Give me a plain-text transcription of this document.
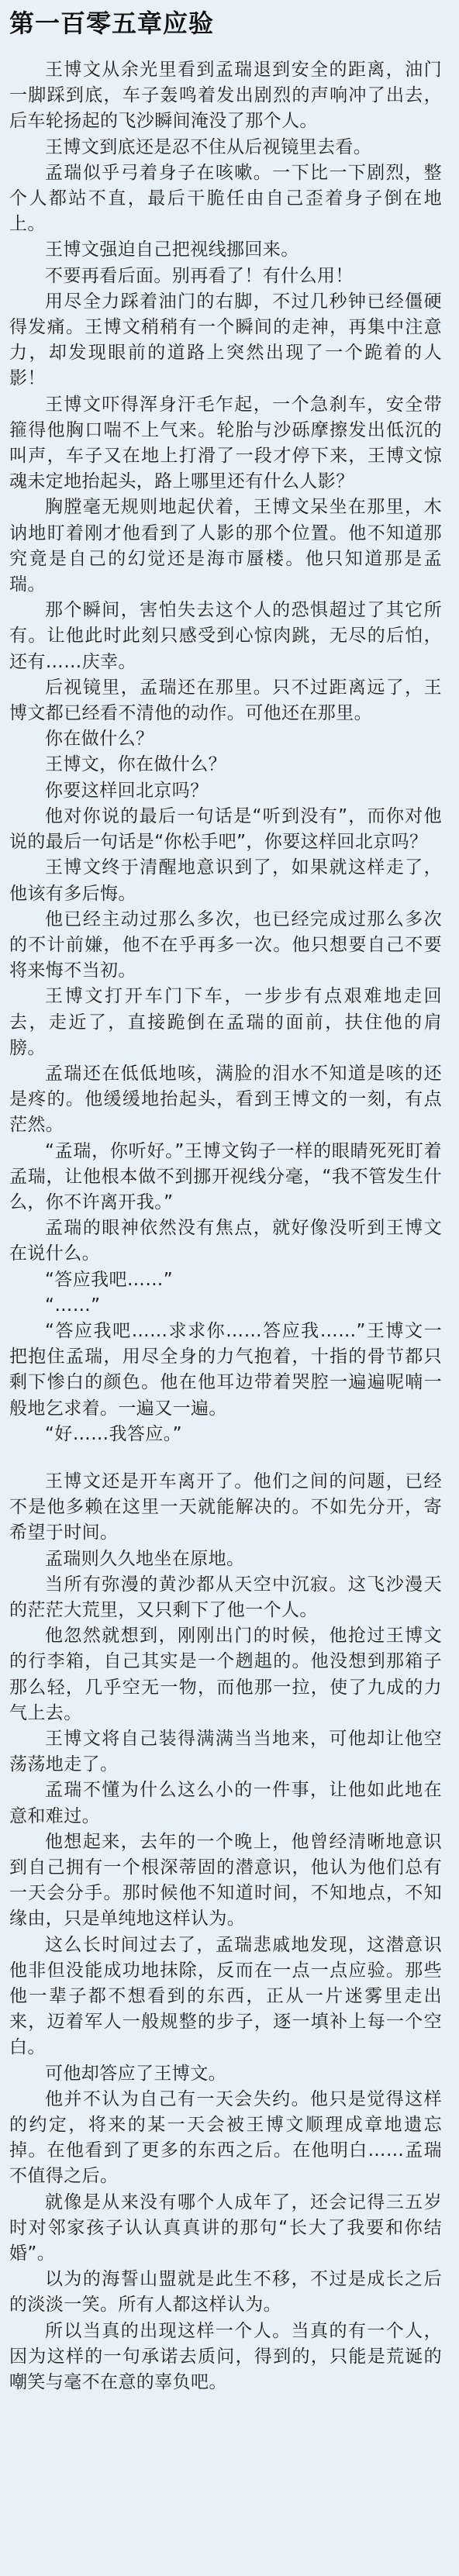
第一百零五章应验

王博文从余光里看到孟瑞退到安全的距离，油门一脚踩到底，车子轰鸣着发出剧烈的声响冲了出去，后车轮扬起的飞沙瞬间淹没了那个人。

王博文到底还是忍不住从后视镜里去看。

孟瑞似乎弓着身子在咳嗽。一下比一下剧烈，整个人都站不直，最后干脆任由自己歪着身子倒在地上。

王博文强迫自己把视线挪回来。

不要再看后面。别再看了！有什么用！

用尽全力踩着油门的右脚，不过几秒钟已经僵硬得发痛。王博文稍稍有一个瞬间的走神，再集中注意力，却发现眼前的道路上突然出现了一个跪着的人影！

王博文吓得浑身汗毛乍起，一个急刹车，安全带箍得他胸口喘不上气来。轮胎与沙砾摩擦发出低沉的叫声，车子又在地上打滑了一段才停下来，王博文惊魂未定地抬起头，路上哪里还有什么人影？

胸膛毫无规则地起伏着，王博文呆坐在那里，木讷地盯着刚才他看到了人影的那个位置。他不知道那究竟是自己的幻觉还是海市蜃楼。他只知道那是孟瑞。

那个瞬间，害怕失去这个人的恐惧超过了其它所有。让他此时此刻只感受到心惊肉跳，无尽的后怕，还有……庆幸。

后视镜里，孟瑞还在那里。只不过距离远了，王博文都已经看不清他的动作。可他还在那里。

你在做什么？

王博文，你在做什么？

你要这样回北京吗？

他对你说的最后一句话是“听到没有”，而你对他说的最后一句话是“你松手吧”，你要这样回北京吗？

王博文终于清醒地意识到了，如果就这样走了，他该有多后悔。

他已经主动过那么多次，也已经完成过那么多次的不计前嫌，他不在乎再多一次。他只想要自己不要将来悔不当初。

王博文打开车门下车，一步步有点艰难地走回去，走近了，直接跪倒在孟瑞的面前，扶住他的肩膀。

孟瑞还在低低地咳，满脸的泪水不知道是咳的还是疼的。他缓缓地抬起头，看到王博文的一刻，有点茫然。

“孟瑞，你听好。”王博文钩子一样的眼睛死死盯着孟瑞，让他根本做不到挪开视线分毫，“我不管发生什么，你不许离开我。”

孟瑞的眼神依然没有焦点，就好像没听到王博文在说什么。

“答应我吧……”

“……”

“答应我吧……求求你……答应我……”王博文一把抱住孟瑞，用尽全身的力气抱着，十指的骨节都只剩下惨白的颜色。他在他耳边带着哭腔一遍遍呢喃一般地乞求着。一遍又一遍。

“好……我答应。”

王博文还是开车离开了。他们之间的问题，已经不是他多赖在这里一天就能解决的。不如先分开，寄希望于时间。

孟瑞则久久地坐在原地。

当所有弥漫的黄沙都从天空中沉寂。这飞沙漫天的茫茫大荒里，又只剩下了他一个人。

他忽然就想到，刚刚出门的时候，他抢过王博文的行李箱，自己其实是一个趔趄的。他没想到那箱子那么轻，几乎空无一物，而他那一拉，使了九成的力气上去。

王博文将自己装得满满当当地来，可他却让他空荡荡地走了。

孟瑞不懂为什么这么小的一件事，让他如此地在意和难过。

他想起来，去年的一个晚上，他曾经清晰地意识到自己拥有一个根深蒂固的潜意识，他认为他们总有一天会分手。那时候他不知道时间，不知地点，不知缘由，只是单纯地这样认为。

这么长时间过去了，孟瑞悲戚地发现，这潜意识他非但没能成功地抹除，反而在一点一点应验。那些他一辈子都不想看到的东西，正从一片迷雾里走出来，迈着军人一般规整的步子，逐一填补上每一个空白。

可他却答应了王博文。

他并不认为自己有一天会失约。他只是觉得这样的约定，将来的某一天会被王博文顺理成章地遗忘掉。在他看到了更多的东西之后。在他明白……孟瑞不值得之后。

就像是从来没有哪个人成年了，还会记得三五岁时对邻家孩子认认真真讲的那句“长大了我要和你结婚”。

以为的海誓山盟就是此生不移，不过是成长之后的淡淡一笑。所有人都这样认为。

所以当真的出现这样一个人。当真的有一个人，因为这样的一句承诺去质问，得到的，只能是荒诞的嘲笑与毫不在意的辜负吧。
